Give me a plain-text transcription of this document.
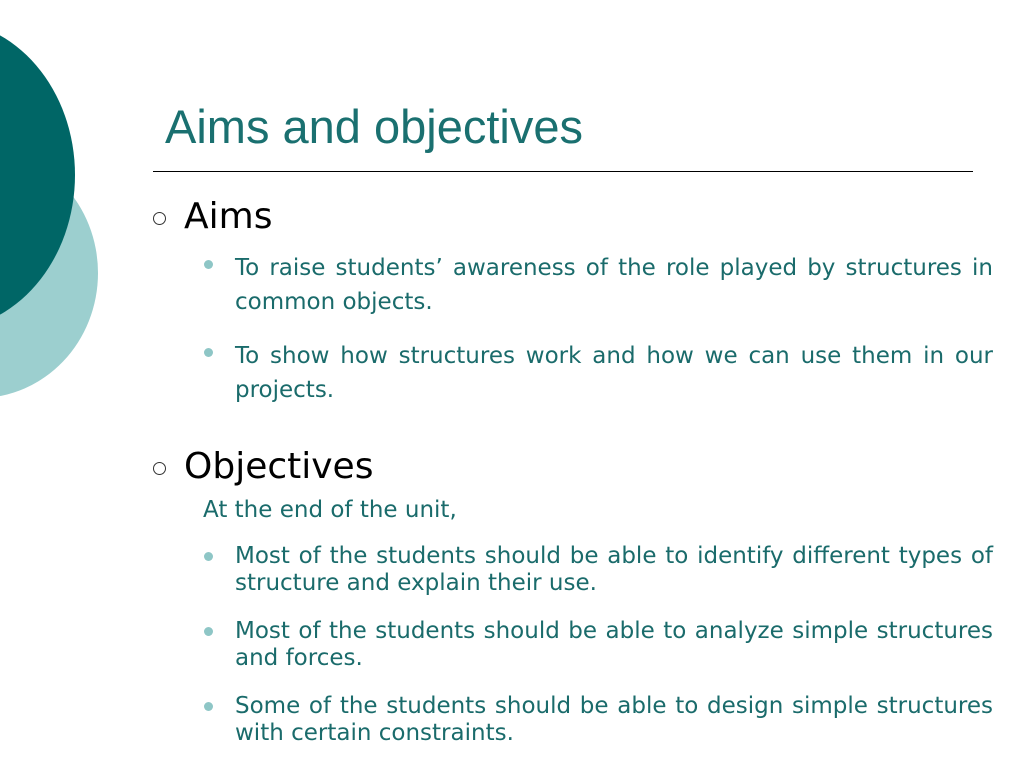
Aims and objectives
Aims

To raise students’ awareness of the role played by structures in common objects.

To show how structures work and how we can use them in our projects.

Objectives

At the end of the unit,

Most of the students should be able to identify different types of structure and explain their use.

Most of the students should be able to analyze simple structures and forces.

Some of the students should be able to design simple structures with certain constraints.
